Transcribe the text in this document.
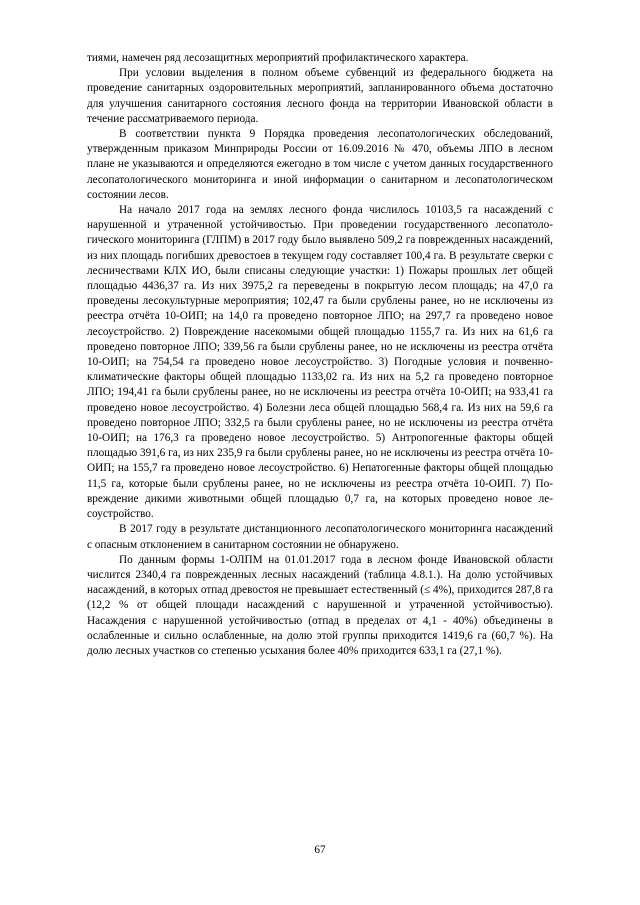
тиями, намечен ряд лесозащитных мероприятий профилактического характера.

При условии выделения в полном объеме субвенций из федерального бюджета на проведение санитарных оздоровительных мероприятий, запланированного объема достаточно для улучшения санитарного состояния лесного фонда на территории Ивановской области в течение рассматриваемого периода.

В соответствии пункта 9 Порядка проведения лесопатологических обследований, утвержденным приказом Минприроды России от 16.09.2016 № 470, объемы ЛПО в лесном плане не указываются и определяются ежегодно в том числе с учетом данных государственного лесопатологического мониторинга и иной информации о санитарном и лесопатологическом состоянии лесов.

На начало 2017 года на землях лесного фонда числилось 10103,5 га насаждений с нарушенной и утраченной устойчивостью. При проведении государственного лесопатологического мониторинга (ГЛПМ) в 2017 году было выявлено 509,2 га поврежденных насаждений, из них площадь погибших древостоев в текущем году составляет 100,4 га. В результате сверки с лесничествами КЛХ ИО, были списаны следующие участки: 1) Пожары прошлых лет общей площадью 4436,37 га. Из них 3975,2 га переведены в покрытую лесом площадь; на 47,0 га проведены лесокультурные мероприятия; 102,47 га были срублены ранее, но не исключены из реестра отчёта 10-ОИП; на 14,0 га проведено повторное ЛПО; на 297,7 га проведено новое лесоустройство. 2) Повреждение насекомыми общей площадью 1155,7 га. Из них на 61,6 га проведено повторное ЛПО; 339,56 га были срублены ранее, но не исключены из реестра отчёта 10-ОИП; на 754,54 га проведено новое лесоустройство. 3) Погодные условия и почвенно-климатические факторы общей площадью 1133,02 га. Из них на 5,2 га проведено повторное ЛПО; 194,41 га были срублены ранее, но не исключены из реестра отчёта 10-ОИП; на 933,41 га проведено новое лесоустройство. 4) Болезни леса общей площадью 568,4 га. Из них на 59,6 га проведено повторное ЛПО; 332,5 га были срублены ранее, но не исключены из реестра отчёта 10-ОИП; на 176,3 га проведено новое лесоустройство. 5) Антропогенные факторы общей площадью 391,6 га, из них 235,9 га были срублены ранее, но не исключены из реестра отчёта 10-ОИП; на 155,7 га проведено новое лесоустройство. 6) Непатогенные факторы общей площадью 11,5 га, которые были срублены ранее, но не исключены из реестра отчёта 10-ОИП. 7) Повреждение дикими животными общей площадью 0,7 га, на которых проведено новое лесоустройство.

В 2017 году в результате дистанционного лесопатологического мониторинга насаждений с опасным отклонением в санитарном состоянии не обнаружено.

По данным формы 1-ОЛПМ на 01.01.2017 года в лесном фонде Ивановской области числится 2340,4 га поврежденных лесных насаждений (таблица 4.8.1.). На долю устойчивых насаждений, в которых отпад древостоя не превышает естественный (≤ 4%), приходится 287,8 га (12,2 % от общей площади насаждений с нарушенной и утраченной устойчивостью). Насаждения с нарушенной устойчивостью (отпад в пределах от 4,1 - 40%) объединены в ослабленные и сильно ослабленные, на долю этой группы приходится 1419,6 га (60,7 %). На долю лесных участков со степенью усыхания более 40% приходится 633,1 га (27,1 %).

67
